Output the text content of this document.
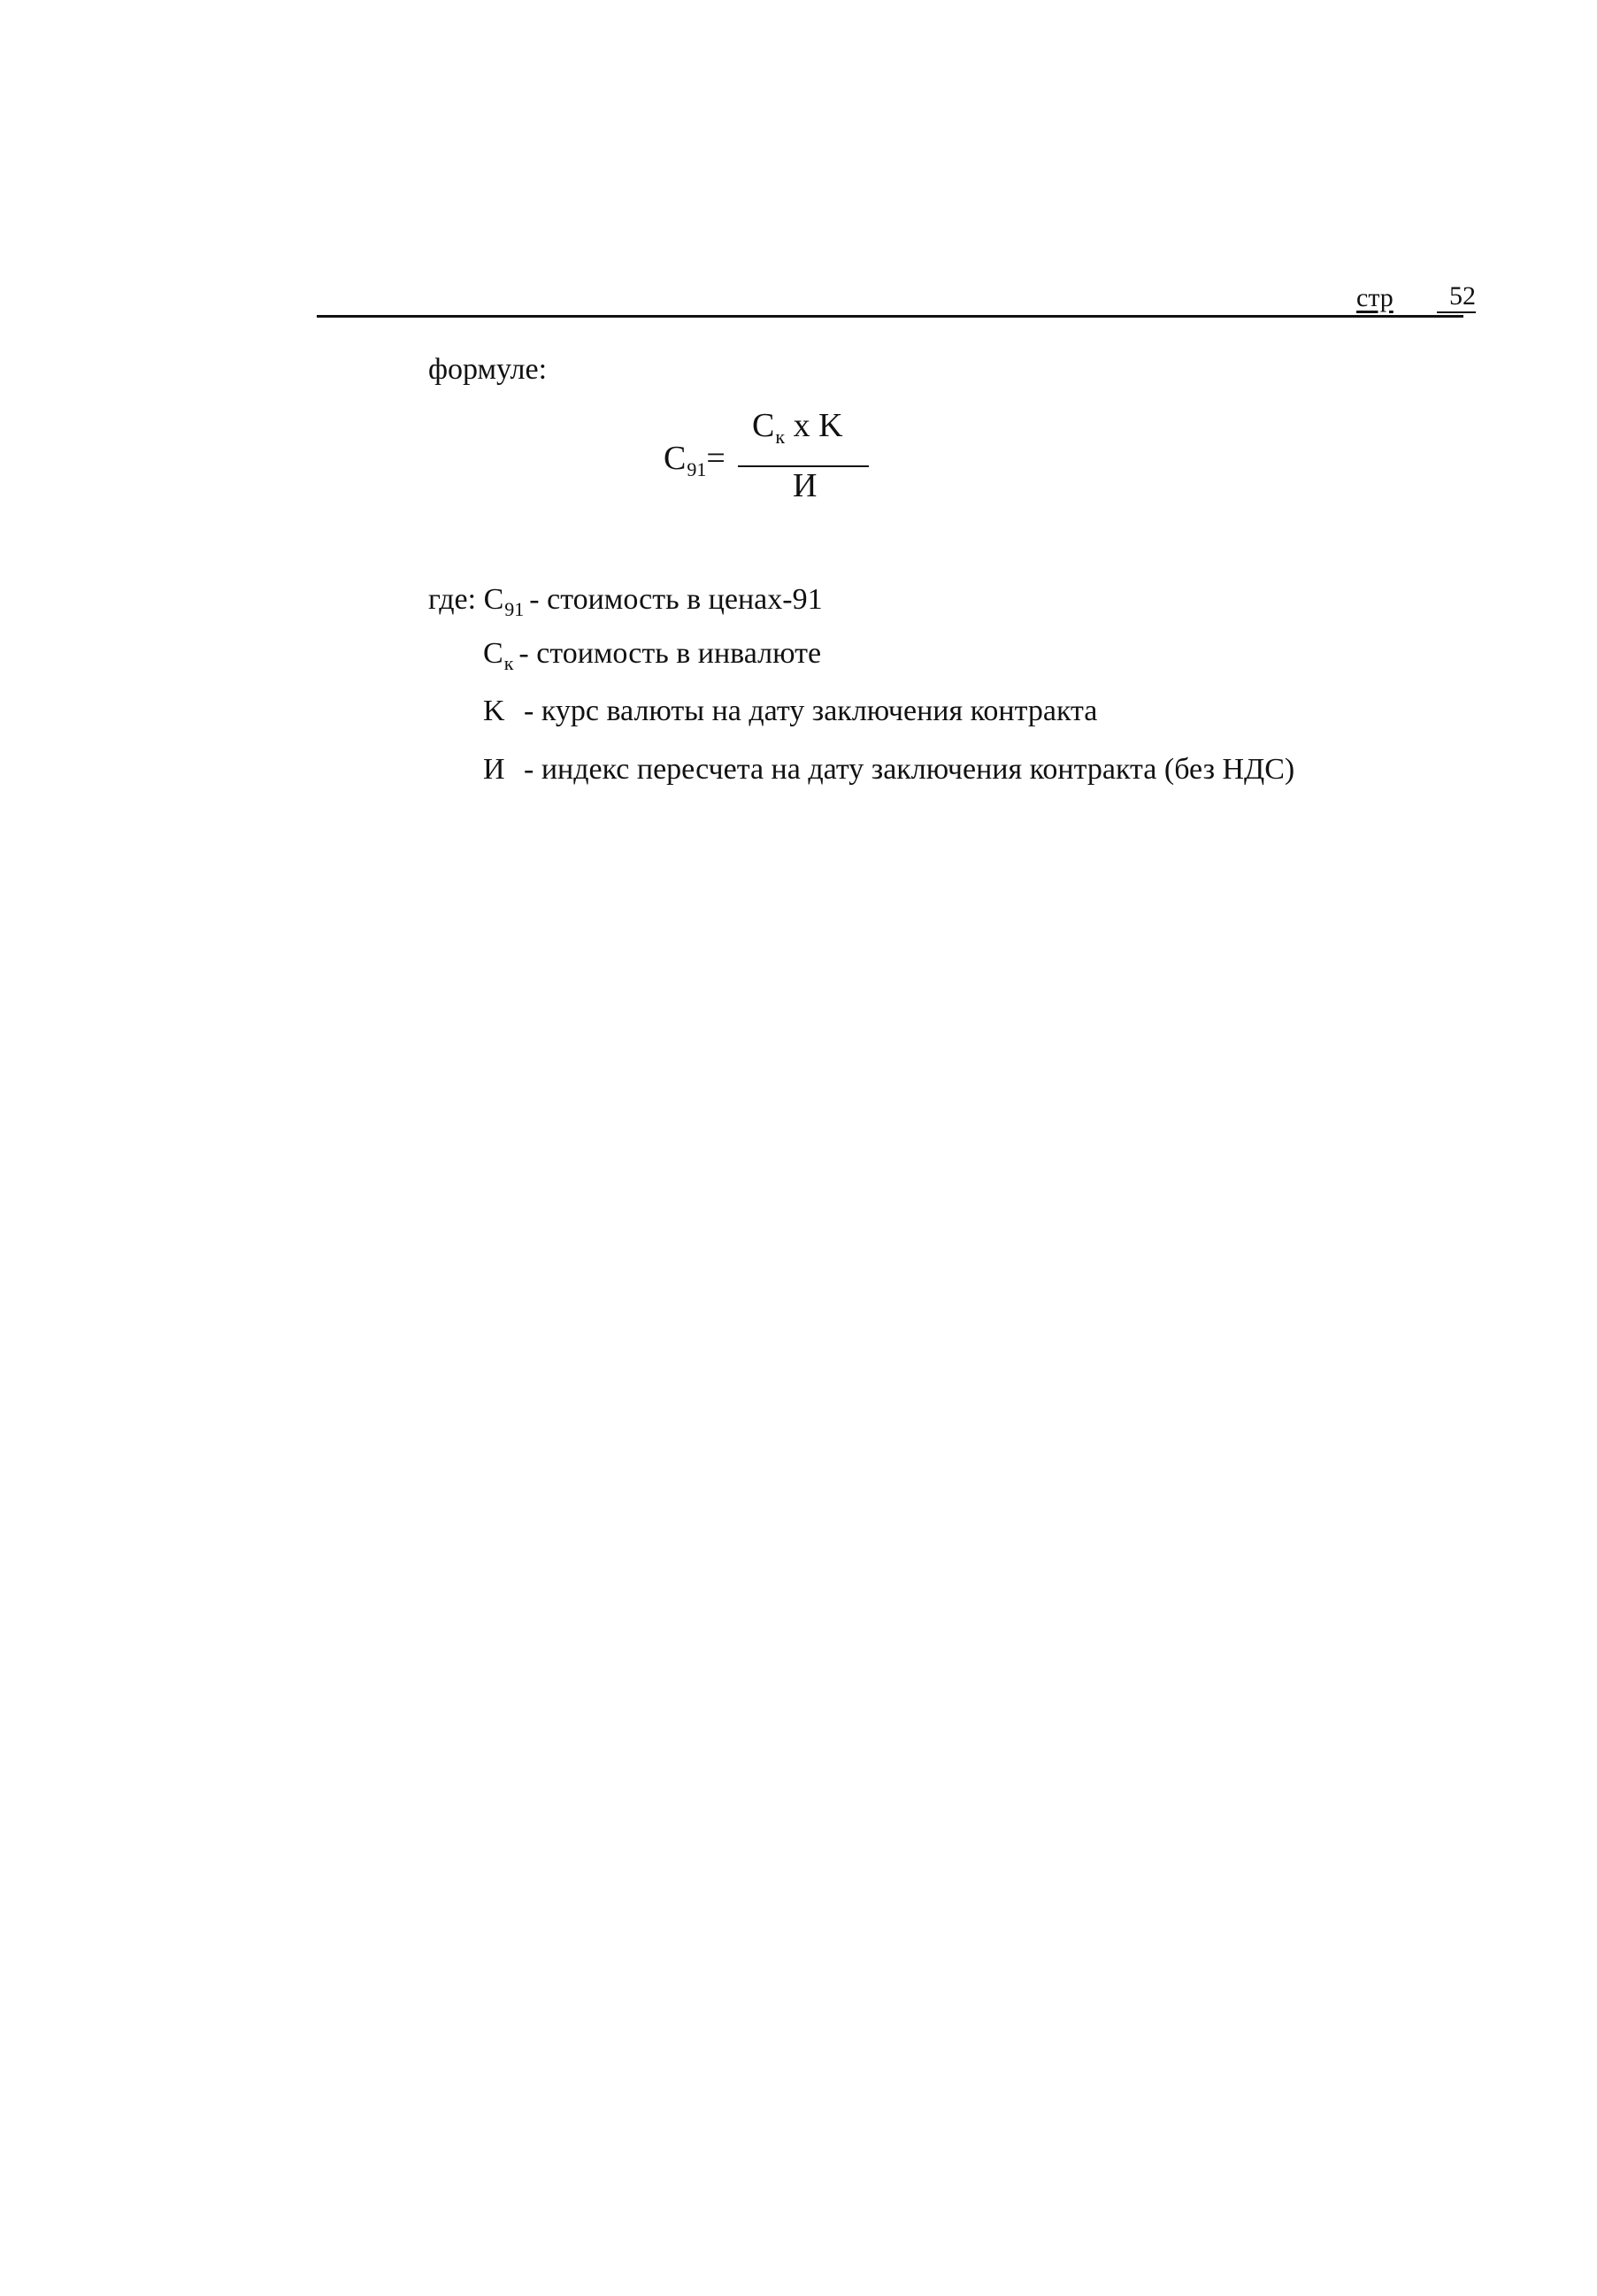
стр	52
формуле:
$C_{91}=$
$C_к$ x K
И
где: $C_{91}$ - стоимость в ценах-91
$C_к$ - стоимость в инвалюте
K - курс валюты на дату заключения контракта
И - индекс пересчета на дату заключения контракта (без НДС)
